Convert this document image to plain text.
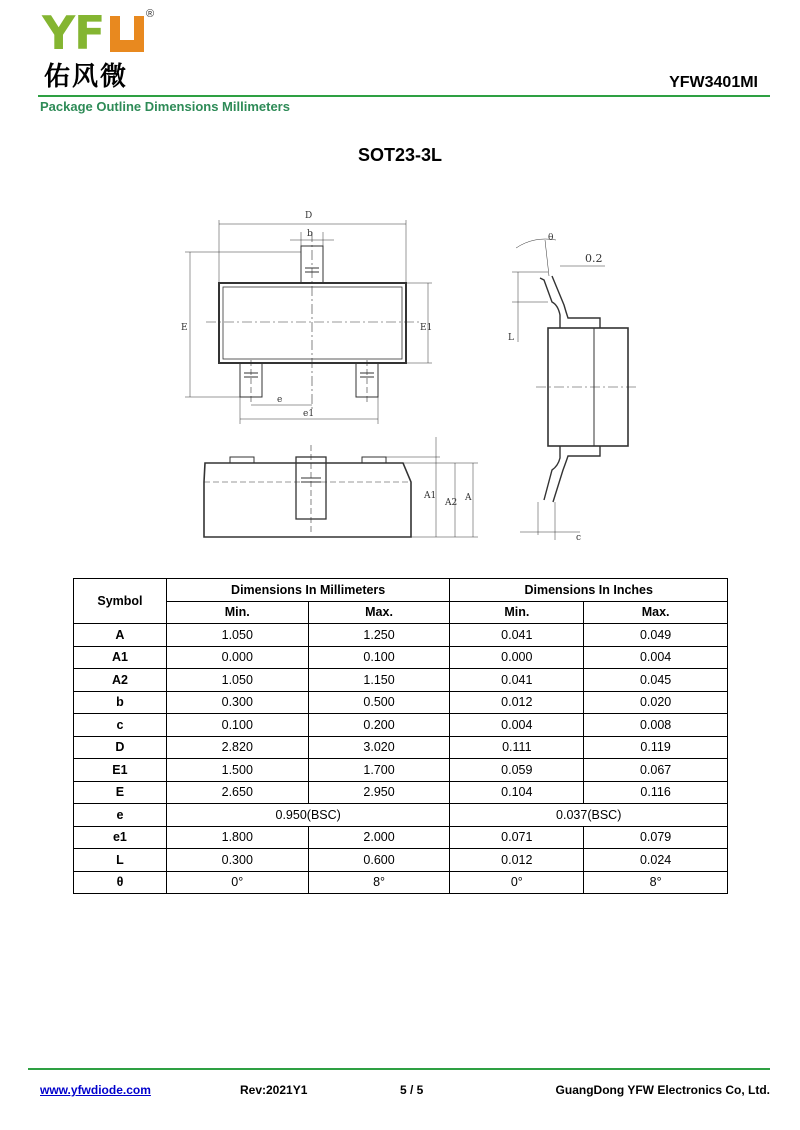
Y
F	®
佑风微	YFW3401MI
Package Outline Dimensions Millimeters
SOT23-3L
D
b
E	E1
e
e1
θ
0.2
L
A1
A2 A
c
Symbol	Dimensions In Millimeters		Dimensions In Inches	
	Min.	Max.	Min.	Max.
A	1.050	1.250	0.041	0.049
A1	0.000	0.100	0.000	0.004
A2	1.050	1.150	0.041	0.045
b	0.300	0.500	0.012	0.020
c	0.100	0.200	0.004	0.008
D	2.820	3.020	0.111	0.119
E1	1.500	1.700	0.059	0.067
E	2.650	2.950	0.104	0.116
e	0.950(BSC)		0.037(BSC)	
e1	1.800	2.000	0.071	0.079
L	0.300	0.600	0.012	0.024
θ	0°	8°	0°	8°
www.yfwdiode.com	Rev:2021Y1	5 / 5	GuangDong YFW Electronics Co, Ltd.
